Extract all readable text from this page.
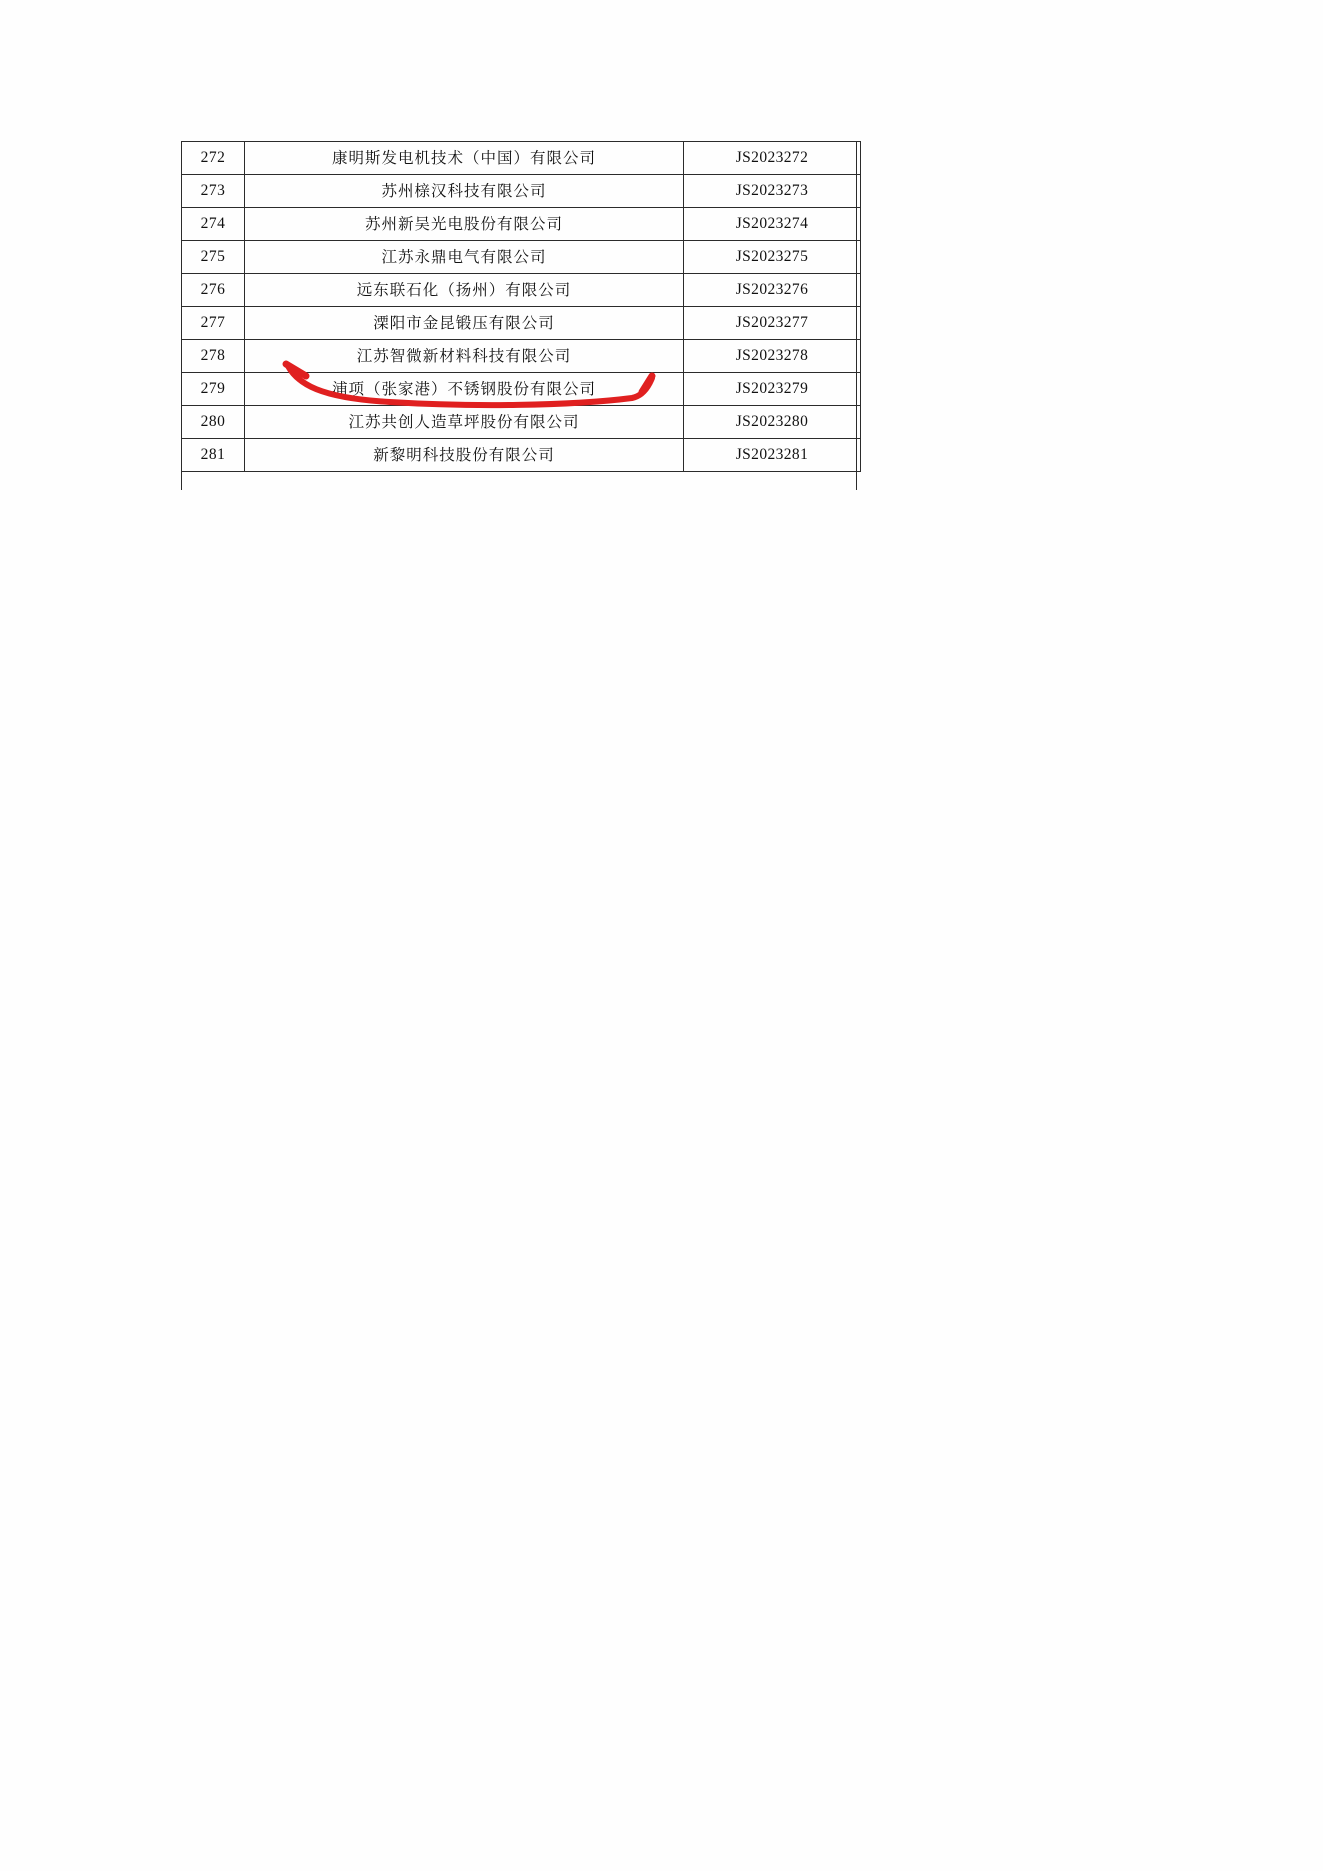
272	康明斯发电机技术（中国）有限公司	JS2023272
273	苏州榇汉科技有限公司	JS2023273
274	苏州新吴光电股份有限公司	JS2023274
275	江苏永鼎电气有限公司	JS2023275
276	远东联石化（扬州）有限公司	JS2023276
277	溧阳市金昆锻压有限公司	JS2023277
278	江苏智微新材料科技有限公司	JS2023278
279	浦项（张家港）不锈钢股份有限公司	JS2023279
280	江苏共创人造草坪股份有限公司	JS2023280
281	新黎明科技股份有限公司	JS2023281
